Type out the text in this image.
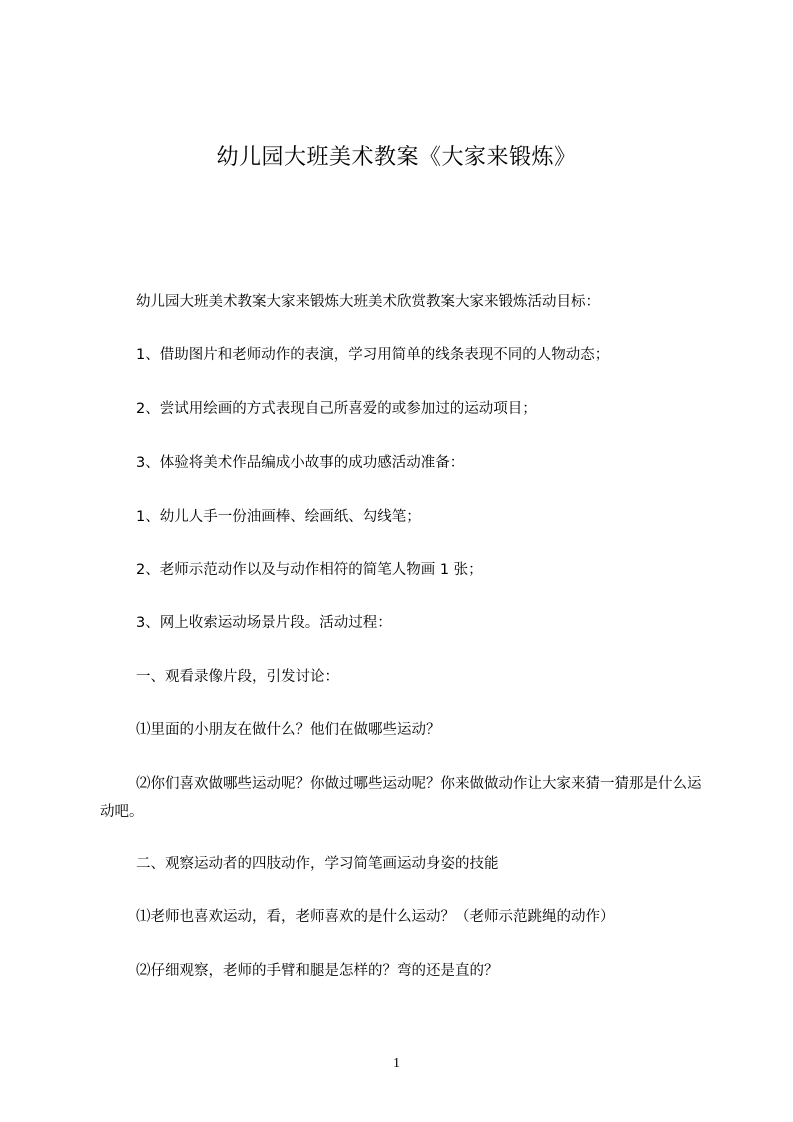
幼儿园大班美术教案《大家来锻炼》

幼儿园大班美术教案大家来锻炼大班美术欣赏教案大家来锻炼活动目标：

1、借助图片和老师动作的表演，学习用简单的线条表现不同的人物动态；

2、尝试用绘画的方式表现自己所喜爱的或参加过的运动项目；

3、体验将美术作品编成小故事的成功感活动准备：

1、幼儿人手一份油画棒、绘画纸、勾线笔；

2、老师示范动作以及与动作相符的简笔人物画 1 张；

3、网上收索运动场景片段。活动过程：

一、观看录像片段，引发讨论：

⑴里面的小朋友在做什么？他们在做哪些运动？

⑵你们喜欢做哪些运动呢？你做过哪些运动呢？你来做做动作让大家来猜一猜那是什么运动吧。

二、观察运动者的四肢动作，学习简笔画运动身姿的技能

⑴老师也喜欢运动，看，老师喜欢的是什么运动？（老师示范跳绳的动作）

⑵仔细观察，老师的手臂和腿是怎样的？弯的还是直的？

1
